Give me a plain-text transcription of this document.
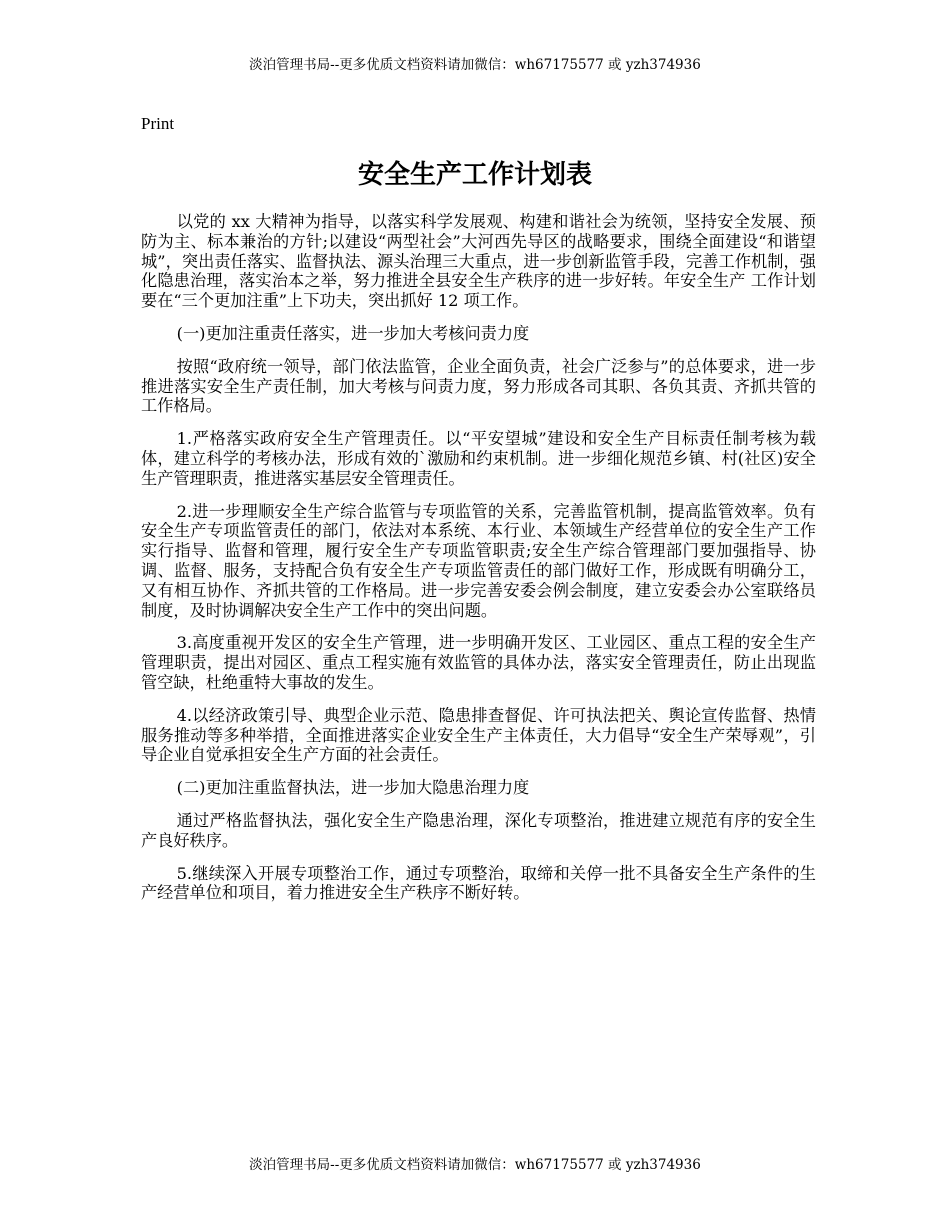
淡泊管理书局--更多优质文档资料请加微信：wh67175577 或 yzh374936
Print
安全生产工作计划表

以党的 xx 大精神为指导，以落实科学发展观、构建和谐社会为统领，坚持安全发展、预防为主、标本兼治的方针;以建设“两型社会”大河西先导区的战略要求，围绕全面建设“和谐望城”，突出责任落实、监督执法、源头治理三大重点，进一步创新监管手段，完善工作机制，强化隐患治理，落实治本之举，努力推进全县安全生产秩序的进一步好转。年安全生产 工作计划 要在“三个更加注重”上下功夫，突出抓好 12 项工作。

(一)更加注重责任落实，进一步加大考核问责力度

按照“政府统一领导，部门依法监管，企业全面负责，社会广泛参与”的总体要求，进一步推进落实安全生产责任制，加大考核与问责力度，努力形成各司其职、各负其责、齐抓共管的工作格局。

1.严格落实政府安全生产管理责任。以“平安望城”建设和安全生产目标责任制考核为载体，建立科学的考核办法，形成有效的`激励和约束机制。进一步细化规范乡镇、村(社区)安全生产管理职责，推进落实基层安全管理责任。

2.进一步理顺安全生产综合监管与专项监管的关系，完善监管机制，提高监管效率。负有安全生产专项监管责任的部门，依法对本系统、本行业、本领域生产经营单位的安全生产工作实行指导、监督和管理，履行安全生产专项监管职责;安全生产综合管理部门要加强指导、协调、监督、服务，支持配合负有安全生产专项监管责任的部门做好工作，形成既有明确分工，又有相互协作、齐抓共管的工作格局。进一步完善安委会例会制度，建立安委会办公室联络员制度，及时协调解决安全生产工作中的突出问题。

3.高度重视开发区的安全生产管理，进一步明确开发区、工业园区、重点工程的安全生产管理职责，提出对园区、重点工程实施有效监管的具体办法，落实安全管理责任，防止出现监管空缺，杜绝重特大事故的发生。

4.以经济政策引导、典型企业示范、隐患排查督促、许可执法把关、舆论宣传监督、热情服务推动等多种举措，全面推进落实企业安全生产主体责任，大力倡导“安全生产荣辱观”，引导企业自觉承担安全生产方面的社会责任。

(二)更加注重监督执法，进一步加大隐患治理力度

通过严格监督执法，强化安全生产隐患治理，深化专项整治，推进建立规范有序的安全生产良好秩序。

5.继续深入开展专项整治工作，通过专项整治，取缔和关停一批不具备安全生产条件的生产经营单位和项目，着力推进安全生产秩序不断好转。

淡泊管理书局--更多优质文档资料请加微信：wh67175577 或 yzh374936
